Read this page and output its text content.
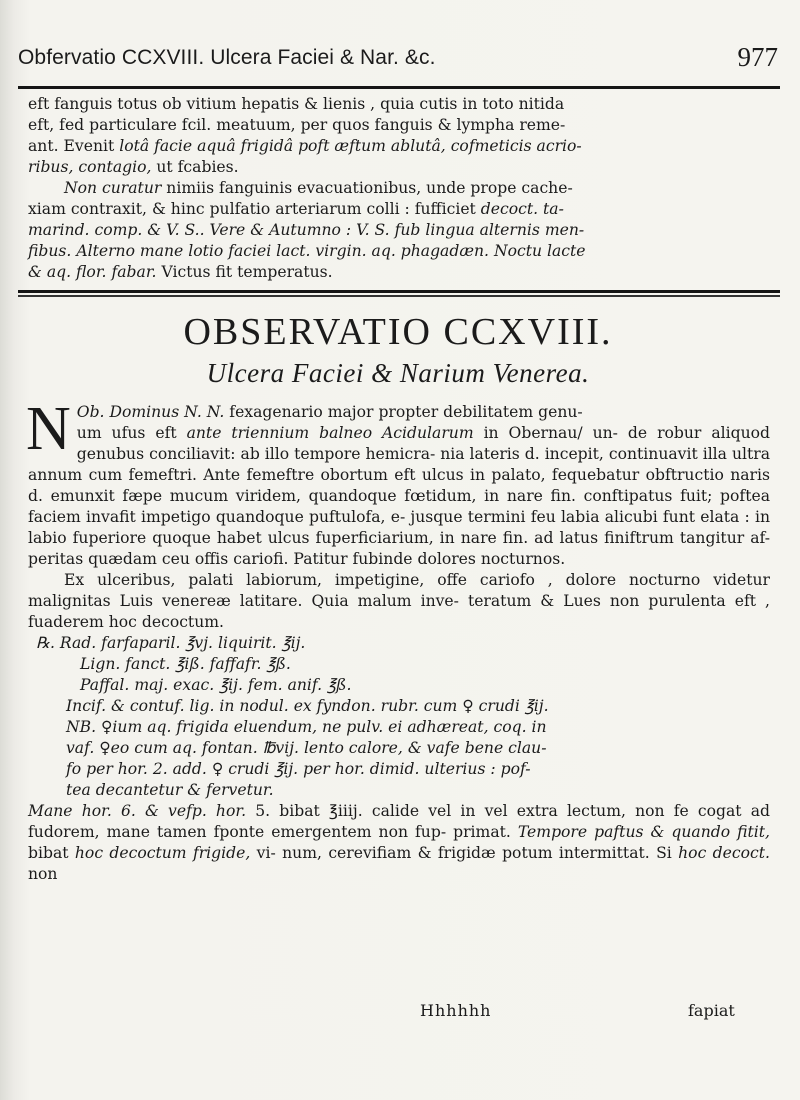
Obfervatio CCXVIII. Ulcera Faciei & Nar. &c.	977

eft fanguis totus ob vitium hepatis & lienis , quia cutis in toto nitida

eft, fed particulare fcil. meatuum, per quos fanguis & lympha reme-

ant. Evenit lotâ facie aquâ frigidâ poft æftum ablutâ, cofmeticis acrio-

ribus, contagio, ut fcabies.

Non curatur nimiis fanguinis evacuationibus, unde prope cache-

xiam contraxit, & hinc pulfatio arteriarum colli : fufficiet decoct. ta-

marind. comp. & V. S.. Vere & Autumno : V. S. fub lingua alternis men-

fibus. Alterno mane lotio faciei lact. virgin. aq. phagadæn. Noctu lacte

& aq. flor. fabar. Victus fit temperatus.

OBSERVATIO CCXVIII.
Ulcera Faciei & Narium Venerea.

N Ob. Dominus N. N. fexagenario major propter debilitatem genu-
um ufus eft ante triennium balneo Acidularum in Obernau/ un- de robur aliquod genubus conciliavit: ab illo tempore hemicra- nia lateris d. incepit, continuavit illa ultra annum cum femeftri. Ante femeftre obortum eft ulcus in palato, fequebatur obftructio naris d. emunxit fæpe mucum viridem, quandoque fœtidum, in nare fin. conftipatus fuit; poftea faciem invafit impetigo quandoque puftulofa, e- jusque termini feu labia alicubi funt elata : in labio fuperiore quoque habet ulcus fuperficiarium, in nare fin. ad latus finiftrum tangitur af- peritas quædam ceu offis cariofi. Patitur fubinde dolores nocturnos.

Ex ulceribus, palati labiorum, impetigine, offe cariofo , dolore nocturno videtur malignitas Luis venereæ latitare. Quia malum inve- teratum & Lues non purulenta eft , fuaderem hoc decoctum.

℞. Rad. farfaparil. ℥vj. liquirit. ℥ij.
Lign. fanct. ℥iß. faffafr. ℥ß.
Paffal. maj. exac. ℥ij. fem. anif. ℥ß.
Incif. & contuf. lig. in nodul. ex fyndon. rubr. cum ♀ crudi ℥ij.
NB. ♀ium aq. frigida eluendum, ne pulv. ei adhæreat, coq. in
vaf. ♀eo cum aq. fontan. ℔vij. lento calore, & vafe bene clau-
fo per hor. 2. add. ♀ crudi ℥ij. per hor. dimid. ulterius : pof-
tea decantetur & fervetur.

Mane hor. 6. & vefp. hor. 5. bibat ℥iiij. calide vel in vel extra lectum, non fe cogat ad fudorem, mane tamen fponte emergentem non fup- primat. Tempore paftus & quando fitit, bibat hoc decoctum frigide, vi- num, cerevifiam & frigidæ potum intermittat. Si hoc decoct. non

Hhhhhh	fapiat
